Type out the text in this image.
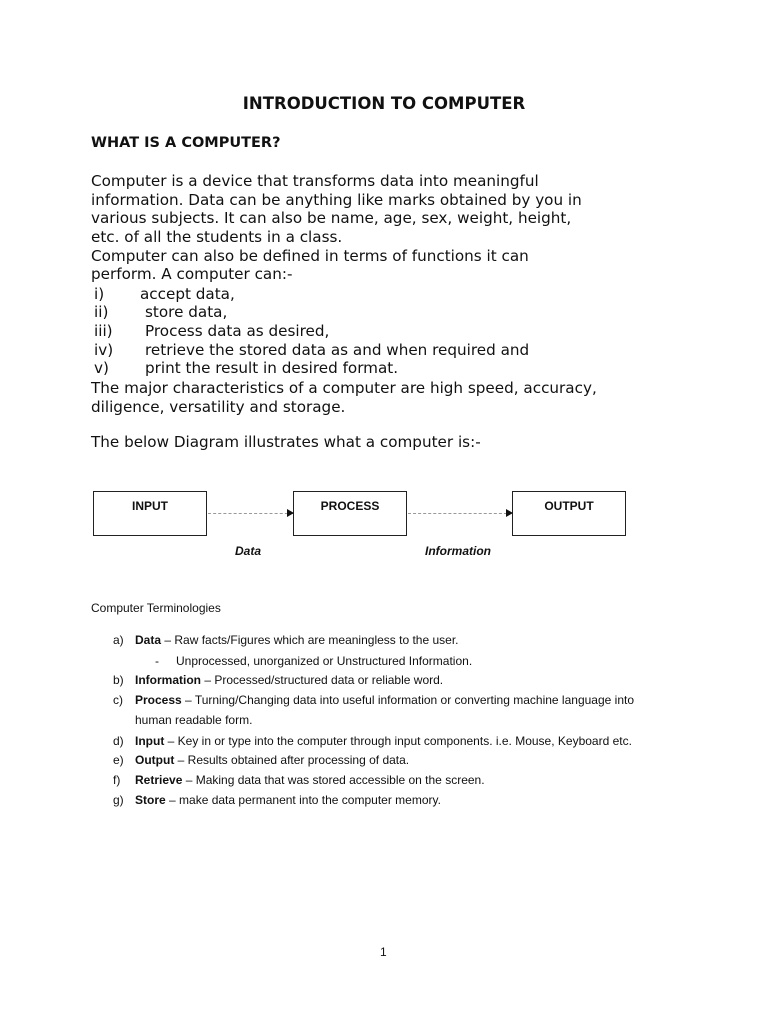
INTRODUCTION TO COMPUTER
WHAT IS A COMPUTER?
Computer is a device that transforms data into meaningful
information. Data can be anything like marks obtained by you in
various subjects. It can also be name, age, sex, weight, height,
etc. of all the students in a class.
Computer can also be defined in terms of functions it can
perform. A computer can:-
i) accept data,
ii) store data,
iii) Process data as desired,
iv) retrieve the stored data as and when required and
v) print the result in desired format.
The major characteristics of a computer are high speed, accuracy,
diligence, versatility and storage.
The below Diagram illustrates what a computer is:-
INPUT	PROCESS	OUTPUT
Data	Information
Computer Terminologies
a) Data – Raw facts/Figures which are meaningless to the user.
- Unprocessed, unorganized or Unstructured Information.
b) Information – Processed/structured data or reliable word.
c) Process – Turning/Changing data into useful information or converting machine language into
human readable form.
d) Input – Key in or type into the computer through input components. i.e. Mouse, Keyboard etc.
e) Output – Results obtained after processing of data.
f) Retrieve – Making data that was stored accessible on the screen.
g) Store – make data permanent into the computer memory.
1
